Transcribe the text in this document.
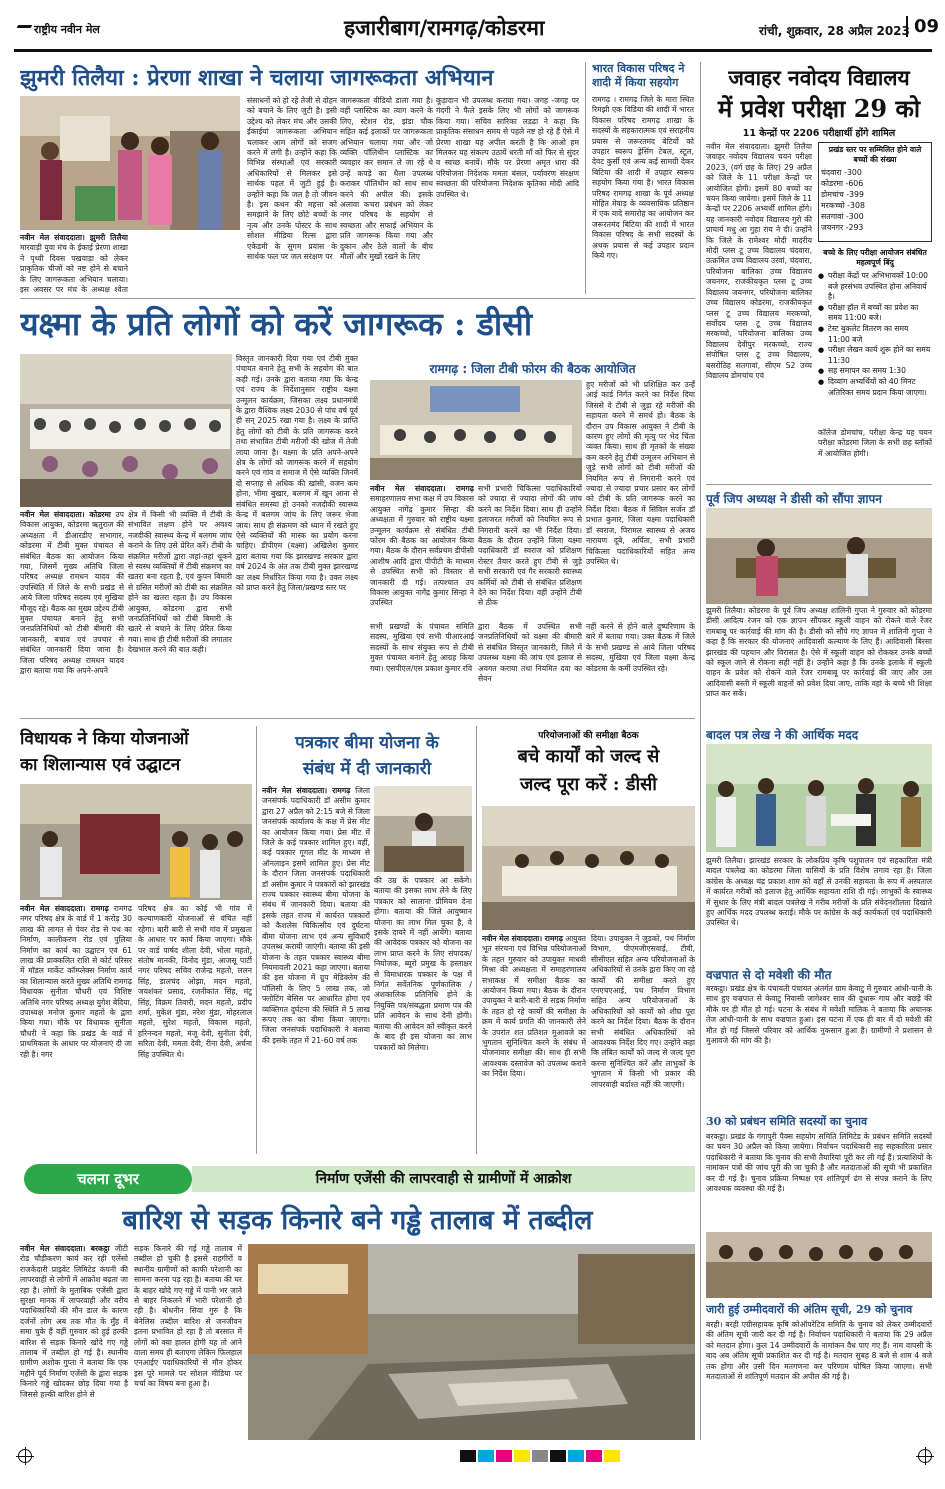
राष्ट्रीय नवीन मेल	हजारीबाग/रामगढ़/कोडरमा	रांची, शुक्रवार, 28 अप्रैल 2023 09
झुमरी तिलैया : प्रेरणा शाखा ने चलाया जागरूकता अभियान
नवीन मेल संवाददाता। झुमरी तिलैया मारवाड़ी युवा मंच के ईकाई प्रेरणा शाखा ने पृथ्वी दिवस पखवाड़ा को लेकर प्राकृतिक चीजों को नष्ट होने से बचाने के लिए जागरूकता अभियान चलाया। इस अवसर पर मंच के अध्यक्ष श्वेता
संसाधनों को हो रहे तेजी से दोहन को बचाने के लिए जुटी है। इसी उद्देश्य को लेकर मंच और उसकी ईकाईयां जागरूकता अभियान चलाकर आम लोगों को सजग करने में लगी है। उन्होंने कहा कि विभिन्न संस्थाओं एवं सरकारी अधिकारियों से मिलकर इसे सार्थक पहल में जुटी हुई है। उन्होंने कहा कि जल है तो जीवन है। इस कथन की महत्ता को समझाने के लिए छोटे बच्चों के नृत्य और उनके पोस्टर के साथ सोशल मीडिया रिल्स द्वारा एकेडमी के सुगम प्रयास के सार्थक फल पर जल सरंक्षण पर
जागरूकता वीडियो डाला गया है। वहीं प्लास्टिक का त्याग करने के लिए, स्टेशन रोड, झंडा चौक सहित कई इलाकों पर जागरूकता अभियान चलाया गया और जो व्यक्ति पॉलिथीन प्लास्टिक का व्यवहार कर समान ले जा रहे थे उन्हें कपड़े का थैला उपलब्ध कराकर पॉलिथीन को साथ साथ करने की अपील की। इसके अलावा कचरा प्रबंधन को लेकर नगर परिषद के सहयोग से स्वच्छता और सफाई अभियान के प्रति जागरूक किया गया और दुकान और ठेले वालों के बीच मौलों और मुखों रखने के लिए
कूड़ादान भी उपलब्ध कराया गया। जगह -जगह पर गंदगी ने फैले इसके लिए भी लोगों को जागरूक किया गया। सचिव सारिका लडढा ने कहा कि प्राकृतिक संसाधन समय से पहले नष्ट हो रहे हैं ऐसे में प्रेरणा शाखा यह अपील करती है कि आओ हम मिलकर यह संकल्प उठायें धरती माँ को फिर से सुंदर व स्वच्छ बनायें। मौके पर प्रेरणा अमृत धारा की परियोजना निदेशक ममता बंसल, पर्यावरण संरक्षण स्वच्छता की परियोजना निदेशक कृतिका मोदी आदि उपस्थित थे।
भारत विकास परिषद ने शादी में किया सहयोग
रामगढ़ । रामगढ़ जिले के मारा स्थित रिमझी एक विडिया की शादी में भारत विकास परिषद रामगढ़ शाखा के सदस्यों के सहकारात्मक एवं सराहनीय प्रयास से जरूरतमंद बेटियों को उपहार स्वरूप ड्रेसिंग टेबल, स्टूल, देवट कुर्सी एवं अन्य कई सामग्री देकर बिटिया की शादी में उपहार स्वरूप सहयोग किया गया है। भारत विकास परिषद रामगढ़ शाखा के पूर्व अध्यक्ष मोहित मेवाड़ के व्यवसायिक प्रतिष्ठान में एक यादे समारोह का आयोजन कर जरूरतमंद बिटिया की शादी में भारत विकास परिषद के सभी सदस्यों के अथक प्रयास से कई उपहार प्रदान किये गए।
जवाहर नवोदय विद्यालय
में प्रवेश परीक्षा 29 को
11 केन्द्रों पर 2206 परीक्षार्थी होंगे शामिल
नवीन मेल संवाददाता। झुमरी तिलैया जवाहर नवोदय विद्यालय चयन परीक्षा 2023, (वर्ग छह के लिए) 29 अप्रैल को जिले के 11 परीक्षा केन्द्रों पर आयोजित होगी। इसमें 80 बच्चों का चयन किया जायेगा। इसमें जिले के 11 केन्द्रों पर 2206 अभ्यर्थी शामिल होंगे। यह जानकारी नवोदय विद्यालय गुरो की प्राचार्य मधु आ गुहा राय ने दी। उन्होंने कि जिले के रामेश्वर मोदी मादरीय मोदी प्लस टू उच्च विद्यालय चंदवारा, उत्क्रमित उच्च विद्यालय उरवां, चंदवारा, परियोजना बालिका उच्च विद्यालय जयनगर, राजकीयकृत प्लस टू उच्च विद्यालय जयनगर, परियोजना बालिका उच्च विद्यालय कोडरमा, राजकीयकृत प्लस टू उच्च विद्यालय मरकच्चो, सर्वोदय प्लस टू उच्च विद्यालय मरकच्चो, परियोजना बालिका उच्च विद्यालय देवीपुर मरकच्चो, राज्य संपोषित प्लस टू उच्च विद्यालय, बसरोठिह सतगावां, सीएम S2 उच्च विद्यालय डोमचांच एवं
प्रखंड स्तर पर सम्मिलित होने वाले बच्चों की संख्या
चंदवारा -300
कोडरमा -606
डोमचांच -399
मरकच्चो -308
सतगावां -300
जयनगर -293
बच्चे के लिए परीक्षा आयोजन संबंधित महत्वपूर्ण बिंदु
● परीक्षा केंद्रों पर अभिभावकों 10:00 बजे हरसंभव उपस्थित होना अनिवार्य है।
● परीक्षा हॉल में बच्चों का प्रवेश का समय 11:00 बजे।
● टेस्ट बुकलेट वितरण का समय 11:00 बजे
● परीक्षा लेखन कार्य शुरू होने का समय 11:30
● सह समापन का समय 1:30
● दिव्यांग अभ्यर्थियों को 40 मिनट अतिरिक्त समय प्रदान किया जाएगा।
कॉलेज डोमचांच, परीक्षा केन्द्र यह चयन परीक्षा कोडरमा जिला के सभी छह ब्लॉकों में आयोजित होगी।
यक्ष्मा के प्रति लोगों को करें जागरूक : डीसी
नवीन मेल संवाददाता। कोडरमा उप विकास आयुक्त, कोडरमा ऋतुराज की अध्यक्षता में डीआरडीए सभागार, कोडरमा में टीबी मुक्त पंचायत से संबंधित बैठक का आयोजन किया गया, जिसमें मुख्य अतिथि जिला परिषद अध्यक्ष रामधन यादव की उपस्थिति में जिले के सभी प्रखंड से आये जिला परिषद सदस्य एवं मुखिया मौजूद रहे। बैठक का मुख्य उद्देश्य टीबी मुक्त पंचायत बनाने हेतु सभी जनप्रतिनिधियों को टीबी बीमारी की जानकारी, बचाव एवं उपचार से संबंधित जानकारी दिया जाना है। जिला परिषद अध्यक्ष रामधन यादव द्वारा बताया गया कि अपने-अपने
क्षेत्र में किसी भी व्यक्ति में टीबी के संभावित लक्षण होने पर अवश्य नजदीकी स्वास्थ्य केन्द्र में बलगम जांच कराने के लिए उसे प्रेरित करें। टीबी के संक्रमित मरीजों द्वारा जहां-तहां थूकने से स्वस्थ व्यक्तियों में टीबी संक्रमण का खतरा बना रहता है, एवं कुपन बिमारी से ग्रसित मरीजों को टीबी का संक्रमित होने का खतरा रहता है। उप विकास आयुक्त, कोडरमा द्वारा सभी जनप्रतिनिधियों को टीबी बिमारी के खतरे से बचाने के लिए प्रेरित किया गया। साथ ही टीबी मरीजों की लगातार देखभाल करने की बात कही।
विस्तृत जानकारी दिया गया एवं टीबी मुक्त पंचायत बनाने हेतु सभी के सहयोग की बात कही गई। उनके द्वारा बताया गया कि केन्द्र एवं राज्य के निर्देशानुसार राष्ट्रीय यक्ष्मा उन्मूलन कार्यक्रम, जिसका लक्ष्य प्रधानमंत्री के द्वारा वैश्विक लक्ष्य 2030 से पांच वर्ष पूर्व ही सन् 2025 रखा गया है। लक्ष्य के प्राप्ति हेतु लोगों को टीबी के प्रति जागरूक करने तथा संभावित टीबी मरीजों की खोज में तेजी लाया जाना है। यक्ष्मा के प्रति अपने-अपने क्षेत्र के लोगों को जागरूक करने में सहयोग करने एवं गांव व समाज में ऐसे व्यक्ति जिनमें दो सप्ताह से अधिक की खांसी, वजन कम होना, भीमा बुखार, बलगम में खून आना से संबंधित समस्या हो उनको नजदीकी स्वास्थ्य केन्द्र में बलगम जांच के लिए जरूर भेजा जाय। साथ ही संक्रमण को ध्यान में रखते हुए ऐसे व्यक्तियों की मास्क का प्रयोग करना चाहिए। डीपीएम (यक्ष्मा) अखिलेश कुमार द्वारा बताया गया कि झारखण्ड सरकार द्वारा वर्ष 2024 के अंत तक टीबी मुक्त झारखण्ड का लक्ष्य निर्धारित किया गया है। उक्त लक्ष्य को प्राप्त करने हेतु जिला/प्रखण्ड स्तर पर
रामगढ़ : जिला टीबी फोरम की बैठक आयोजित
हुए मरीजों को भी प्रशिक्षित कर उन्हें आई कार्ड निर्गत करने का निर्देश दिया जिससे वे टीबी से जुड़ा रहे मरीजों की सहायता करने में समर्थ हो। बैठक के दौरान उप विकास आयुक्त ने टीबी के कारण हुए लोगों की मृत्यु पर भेद चिंता व्यक्त किया। साथ ही मृतकों के संख्या कम करने हेतु टीबी उन्मूलन अभियान से जुड़े सभी लोगों को टीबी मरीजों की नियमित रूप से निगरानी करने एवं ज्यादा से ज्यादा प्रचार प्रसार कर लोगों को टीबी के प्रति जागरूक करने का निर्देश दिया। बैठक में सिविल सर्जन डॉ प्रभात कुमार, जिला यक्ष्मा पदाधिकारी डॉ स्वराज, पिरामल स्वास्थ्य से अजय नारायण दूबे, अर्पिता, सभी प्रभारी चिकित्सा पदाधिकारियों सहित अन्य उपस्थित थे।
नवीन मेल संवाददाता। रामगढ़ समाहरणालय सभा कक्ष में उप विकास आयुक्त नागेंद्र कुमार सिन्हा की अध्यक्षता में गुरुवार को राष्ट्रीय यक्ष्मा उन्मूलन कार्यक्रम से संबंधित टीबी फोरम की बैठक का आयोजन किया गया। बैठक के दौरान सर्वप्रथम डीपीसी आशीष आदि द्वारा पीपीटी के माध्यम से उपस्थित सभी को विस्तार से जानकारी दी गई। तत्पश्चात उप विकास आयुक्त नागेंद्र कुमार सिन्हा ने उपस्थित
सभी प्रभारी चिकित्सा पदाधिकारियों को ज्यादा से ज्यादा लोगों की जांच करने का निर्देश दिया। साथ ही उन्होंने इलाजरत मरीजों को नियमित रूप से निगरानी करने का भी निर्देश दिया। बैठक के दौरान उन्होंने जिला यक्ष्मा पदाधिकारी डॉ स्वराज को प्रशिक्षण रोस्टर तैयार करते हुए टीबी से जुड़े सभी सरकारी एवं गैर सरकारी स्वास्थ्य कर्मियों को टीबी से संबंधित प्रशिक्षण देने का निर्देश दिया। वहीं उन्होंने टीबी से ठीक
सभी प्रखण्डों के पंचायत समिति सदस्य, मुखिया एवं सभी पीआरआई सदस्यों के साथ संयुक्त रूप से टीबी मुक्त पंचायत बनाने हेतु आग्रह किया गया। एसपीएल/एस प्रकाश कुमार रवि
द्वारा बैठक में उपस्थित सभी जनप्रतिनिधियों को यक्ष्मा की बीमारी से संबंधित विस्तृत जानकारी, जिले में उपलब्ध यक्ष्मा की जांच एवं इलाज से अवगत कराया तथा नियमित दवा का सेवन
नहीं करने से होने वाले दुष्परिणाम के बारे में बताया गया। उक्त बैठक में जिले के सभी प्रखण्ड से आये जिला परिषद सदस्य, मुखिया एवं जिला यक्ष्मा केन्द्र कोडरमा के कर्मी उपस्थित रहे।
पूर्व जिप अध्यक्ष ने डीसी को सौंपा ज्ञापन
झुमरी तिलैया। कोडरमा के पूर्व जिप अध्यक्ष शालिनी गुप्ता ने गुरुवार को कोडरमा डीसी आदित्य रंजन को एक ज्ञापन सौंपकर स्कूली वाहन को रोकने वाले रेंजर रामबाबू पर कार्रवाई की मांग की है। डीसी को सौंपे गए ज्ञापन में शालिनी गुप्ता ने कहा है कि सरकार की योजनाएं आदिवासी कल्याण के लिए हैं। आदिवासी बिरसा झारखंड की पहचान और विरासत है। ऐसे में स्कूली वाहन को रोककर उनके बच्चों को स्कूल जाने से रोकना सही नहीं है। उन्होंने कहा है कि उनके इलाके में स्कूली वाहन के प्रवेश को रोकने वाले रेंजर रामबाबू पर कार्रवाई की जाए और उस आदिवासी बस्ती में स्कूली वाहनों को प्रवेश दिया जाए, ताकि वहां के बच्चे भी शिक्षा प्राप्त कर सकें।
बादल पत्र लेख ने की आर्थिक मदद
झुमरी तिलैया। झारखंड सरकार के लोकप्रिय कृषि पशुपालन एवं सहकारिता मंत्री बादल पत्रलेख का कोडरमा जिला वासियों के प्रति विशेष लगाव रहा है। जिला कांग्रेस के अध्यक्ष चंद्र प्रकाश शाम को वहाँ से उनकी सहायता के रूप में अस्पताल में कार्यरत गरीबों को इलाज हेतु आर्थिक सहायता राशि दी गई। लाभुकों के स्वास्थ्य में सुधार के लिए मंत्री बादल पत्रलेख ने गरीब मरीजों के प्रति संवेदनशीलता दिखाते हुए आर्थिक मदद उपलब्ध कराई। मौके पर कांग्रेस के कई कार्यकर्ता एवं पदाधिकारी उपस्थित थे।
वज्रपात से दो मवेशी की मौत
बरकट्ठा। प्रखंड क्षेत्र के पंचायती पंचायत अंतर्गत ग्राम केवाटु में गुरुवार आंधी-पानी के साथ हुए वज्रपात से केवाटु निवासी जागेश्वर साव की दुधारू गाय और बछड़े की मौके पर ही मौत हो गई। घटना के संबंध में मवेशी मालिक ने बताया कि अचानक तेज आंधी-पानी के साथ वज्रपात हुआ। इस घटना में एक ही बार में दो मवेशी की मौत हो गई जिससे परिवार को आर्थिक नुकसान हुआ है। ग्रामीणों ने प्रशासन से मुआवजे की मांग की है।
30 को प्रबंधन समिति सदस्यों का चुनाव
बरकट्ठा। प्रखंड के गंगापुरी पैक्स सहयोग समिति लिमिटेड के प्रबंधन समिति सदस्यों का चयन 30 अप्रैल को किया जायेगा। निर्वाचन पदाधिकारी सह सहकारिता प्रसार पदाधिकारी ने बताया कि चुनाव की सभी तैयारियां पूरी कर ली गई हैं। प्रत्याशियों के नामांकन पत्रों की जांच पूरी की जा चुकी है और मतदाताओं की सूची भी प्रकाशित कर दी गई है। चुनाव प्रक्रिया निष्पक्ष एवं शांतिपूर्ण ढंग से संपन्न कराने के लिए आवश्यक व्यवस्था की गई है।
जारी हुई उम्मीदवारों की अंतिम सूची, 29 को चुनाव
बरही। बरही एग्रीसहायक कृषि कोऑपरेटिव समिति के चुनाव को लेकर उम्मीदवारों की अंतिम सूची जारी कर दी गई है। निर्वाचन पदाधिकारी ने बताया कि 29 अप्रैल को मतदान होगा। कुल 14 उम्मीदवारों के नामांकन वैध पाए गए हैं। नाम वापसी के बाद अब अंतिम सूची प्रकाशित कर दी गई है। मतदान सुबह 8 बजे से शाम 4 बजे तक होगा और उसी दिन मतगणना कर परिणाम घोषित किया जाएगा। सभी मतदाताओं से शांतिपूर्ण मतदान की अपील की गई है।
विधायक ने किया योजनाओं
का शिलान्यास एवं उद्घाटन
नवीन मेल संवाददाता। रामगढ़ रामगढ़ नगर परिषद क्षेत्र के वार्ड में 1 करोड़ 30 लाख की लागत से पेवर रोड से पथ का निर्माण, कालीकरण रोड एवं पुलिया निर्माण का कार्य का उद्घाटन एवं 61 लाख की प्राक्कलित राशि से कोर्ट परिसर में मॉडल मार्केट कॉम्प्लेक्स निर्माण कार्य का शिलान्यास करते मुख्य अतिथि रामगढ़ विधायक सुनीता चौधरी एवं विशिष्ट अतिथि नगर परिषद अध्यक्ष युगेश बेदिया, उपाध्यक्ष मनोज कुमार महतो के द्वारा किया गया। मौके पर विधायक सुनीता चौधरी ने कहा कि प्रखंड के वार्ड में प्राथमिकता के आधार पर योजनाएं दी जा रही है। नगर
परिषद क्षेत्र का कोई भी गांव में कल्याणकारी योजनाओं से वंचित नहीं रहेगा। बारी बारी से सभी गांव में प्रमुखता के आधार पर कार्य किया जाएगा। मौके पर वार्ड पार्षद शीला देवी, भोला महतो, संतोष मानकी, विनोद मुंडा, आजसू पार्टी नगर परिषद सचिव राजेन्द्र महतो, ललन सिंह, डालचंद ओझा, मदन महतो, जयशंकर प्रसाद, रजनीकांत सिंह, मंटू सिंह, विक्रम तिवारी, मदन महतो, प्रदीप शर्मा, मुकेश मुंडा, नरेश मुंडा, मोहरलाल महतो, सुरेश महतो, विकास महतो, हरिनन्दन महतो, मंजू देवी, सुनीता देवी, सरिता देवी, ममता देवी, रीना देवी, अर्चना सिंह उपस्थित थे।
पत्रकार बीमा योजना के
संबंध में दी जानकारी
नवीन मेल संवाददाता। रामगढ़ जिला जनसंपर्क पदाधिकारी डॉ असीम कुमार द्वारा 27 अप्रैल को 2:15 बजे से जिला जनसंपर्क कार्यालय के कक्ष में प्रेस मीट का आयोजन किया गया। प्रेस मीट में जिले के कई पत्रकार शामिल हुए। वहीं, कई पत्रकार गूगल मीट के माध्यम से ऑनलाइन इसमें शामिल हुए। प्रेस मीट के दौरान जिला जनसंपर्क पदाधिकारी डॉ असीम कुमार ने पत्रकारों को झारखंड राज्य पत्रकार स्वास्थ्य बीमा योजना के संबंध में जानकारी दिया। बताया की इसके तहत राज्य में कार्यरत पत्रकारों को कैशलेस चिकित्सीय एवं दुर्घटना बीमा योजना लाभ एवं अन्य सुविधाएँ उपलब्ध करायी जाएंगी। बताया की इसी योजना के तहत पत्रकार स्वास्थ्य बीमा नियमावली 2021 कहा जाएगा। बताया की इस योजना में ग्रुप मेडिक्लेम की पॉलिसी के लिए 5 लाख तक, जो फ्लोटिंग बेसिस पर आधारित होगा एवं व्यक्तिगत दुर्घटना की स्थिति में 5 लाख रूपए तक का बीमा किया जाएगा। जिला जनसंपर्क पदाधिकारी ने बताया की इसके तहत में 21-60 वर्ष तक
की उम्र के पत्रकार आ सकेंगे। बताया की इसका लाभ लेने के लिए पत्रकार को सालाना प्रीमियम देना होगा। बताया की जिले आयुष्मान योजना का लाभ मिल चुका है, वे इसके दायरे में नहीं आयेंगे। बताया की आवेदक पत्रकार को योजना का लाभ प्राप्त करने के लिए संपादक/नियोजक, ब्यूरो प्रमुख के हस्ताक्षर से विमाधारक पत्रकार के पक्ष में निर्गत सर्वेतनिक पूर्णकालिक /अंशकालिक प्रतिनिधि होने के नियुक्ति पत्र/संबद्धता प्रमाण पत्र की प्रति आवेदन के साथ देनी होगी। बताया की आवेदन को स्वीकृत करने के बाद ही इस योजना का लाभ पत्रकारों को मिलेगा।
परियोजनाओं की समीक्षा बैठक
बचे कार्यों को जल्द से
जल्द पूरा करें : डीसी
नवीन मेल संवाददाता। रामगढ़ आयुक्त भूत संरचना एवं विभिन्न परियोजनाओं के तहत गुरुवार को उपायुक्त माधवी मिश्रा की अध्यक्षता में समाहरणालय सभाकक्ष में समीक्षा बैठक का आयोजन किया गया। बैठक के दौरान उपायुक्त ने बारी-बारी से सड़क निर्माण के तहत हो रहे कार्यों की समीक्षा के क्रम में कार्य प्रगति की जानकारी लेने के उपरांत शत प्रतिशत मुआवजे का भुगतान सुनिश्चित करने के संबंध में योजनावार समीक्षा की। साथ ही सभी आवश्यक दस्तावेज को उपलब्ध कराने का निर्देश दिया।
दिया। उपायुक्त ने जुडको, पथ निर्माण विभाग, पीएमजीएसवाई, टीवी, सीसीएल सहित अन्य परियोजनाओं के अधिकारियों से उनके द्वारा किए जा रहे कार्यों की समीक्षा करते हुए एनएचएआई, पथ निर्माण विभाग सहित अन्य परियोजनाओं के अधिकारियों को कार्यों को शीघ्र पूरा करने का निर्देश दिया। बैठक के दौरान सभी संबंधित अधिकारियों को आवश्यक निर्देश दिए गए। उन्होंने कहा कि लंबित कार्यों को जल्द से जल्द पूरा करना सुनिश्चित करें और लाभुकों के भुगतान में किसी भी प्रकार की लापरवाही बर्दाश्त नहीं की जाएगी।
चलना दूभर	निर्माण एजेंसी की लापरवाही से ग्रामीणों में आक्रोश
बारिश से सड़क किनारे बने गड्ढे तालाब में तब्दील
नवीन मेल संवाददाता। बरकट्ठा जीटी रोड चौड़ीकरण कार्य कर रही एलेंसो राजकेदारी प्राइवेट लिमिटेड कंपनी की लापरवाही से लोगों में आक्रोश बढ़ता जा रहा है। लोगों के मुताबिक एजेंसी द्वारा सुरक्षा मानक में लापरवाही और वरीय पदाधिकारियों की मौन डाल के कारण दर्जनों लोग अब तक मौत के मुँह में समा चुके हैं वहीं गुरुवार को हुई हल्की बारिश से सड़क किनारे खोदे गए गड्ढे तालाब में तब्दील हो गई है। स्थानीय ग्रामीण अशोक गुप्ता ने बताया कि एक महीने पूर्व निर्माण एजेंसी के द्वारा सड़क किनारे गड्ढे खोदकर छोड़ दिया गया है जिससे हल्की बारिश होने से
सड़क किनारे की गई गड्ढे तालाब में तब्दील हो चुकी है इससे राहगीरों व स्थानीय ग्रामीणों को काफी परेशानी का सामना करना पड़ रहा है। बताया की घर के बाहर खोदे गए गड्ढे में पानी भर जाने से बाहर निकलने में भारी परेशानी हो रही है। बोधनीन सिवा गुरु है कि बेनेलिस तब्दील बारिश से जनजीवन इतना प्रभावित हो रहा है तो बरसात में लोगों को क्या हालत होगी यह तो आने वाला समय ही बताएगा लेकिन फ़िलहाल एनआईए पदाधिकारियों से मौन होकर इस पूरे मामले पर सोशल मीडिया पर चर्चा का विषय बना हुआ है।
